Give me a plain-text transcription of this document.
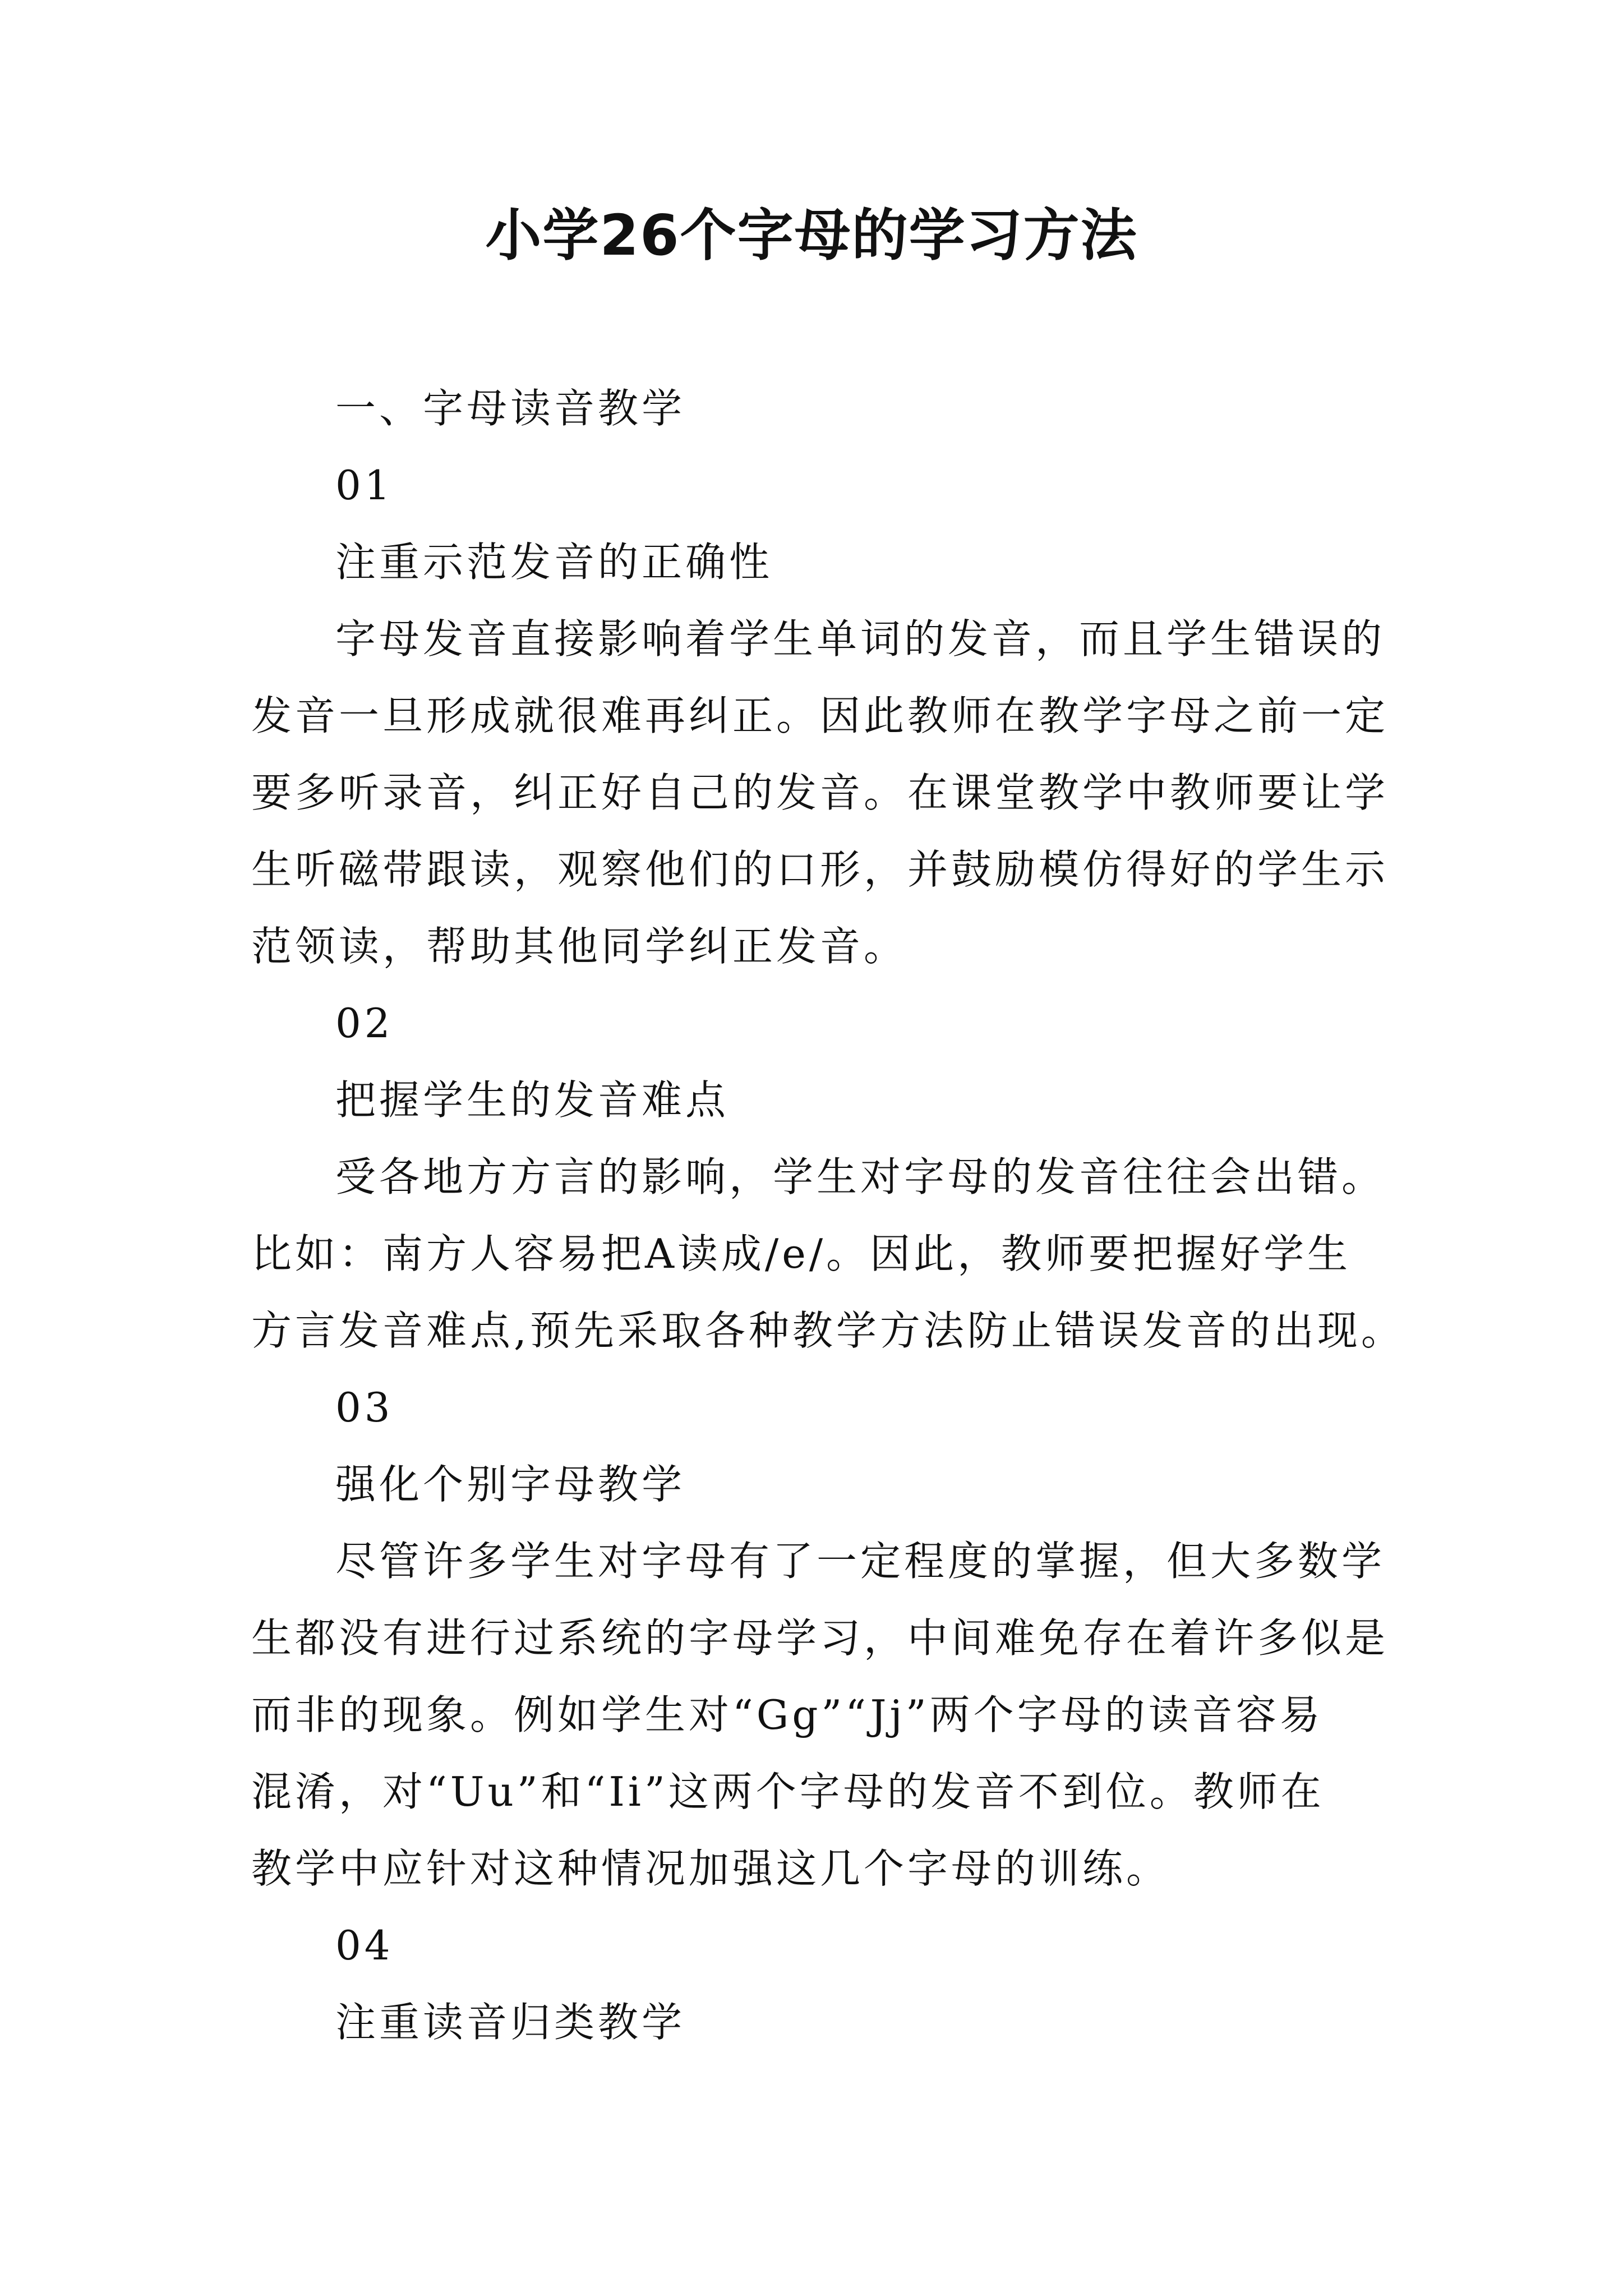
小学26个字母的学习方法

一、字母读音教学

01

注重示范发音的正确性

字母发音直接影响着学生单词的发音，而且学生错误的

发音一旦形成就很难再纠正。因此教师在教学字母之前一定

要多听录音，纠正好自己的发音。在课堂教学中教师要让学

生听磁带跟读，观察他们的口形，并鼓励模仿得好的学生示

范领读，帮助其他同学纠正发音。

02

把握学生的发音难点

受各地方方言的影响，学生对字母的发音往往会出错。

比如：南方人容易把A读成/e/。因此，教师要把握好学生

方言发音难点,预先采取各种教学方法防止错误发音的出现。

03

强化个别字母教学

尽管许多学生对字母有了一定程度的掌握，但大多数学

生都没有进行过系统的字母学习，中间难免存在着许多似是

而非的现象。例如学生对“Gg”“Jj”两个字母的读音容易

混淆，对“Uu”和“Ii”这两个字母的发音不到位。教师在

教学中应针对这种情况加强这几个字母的训练。

04

注重读音归类教学
